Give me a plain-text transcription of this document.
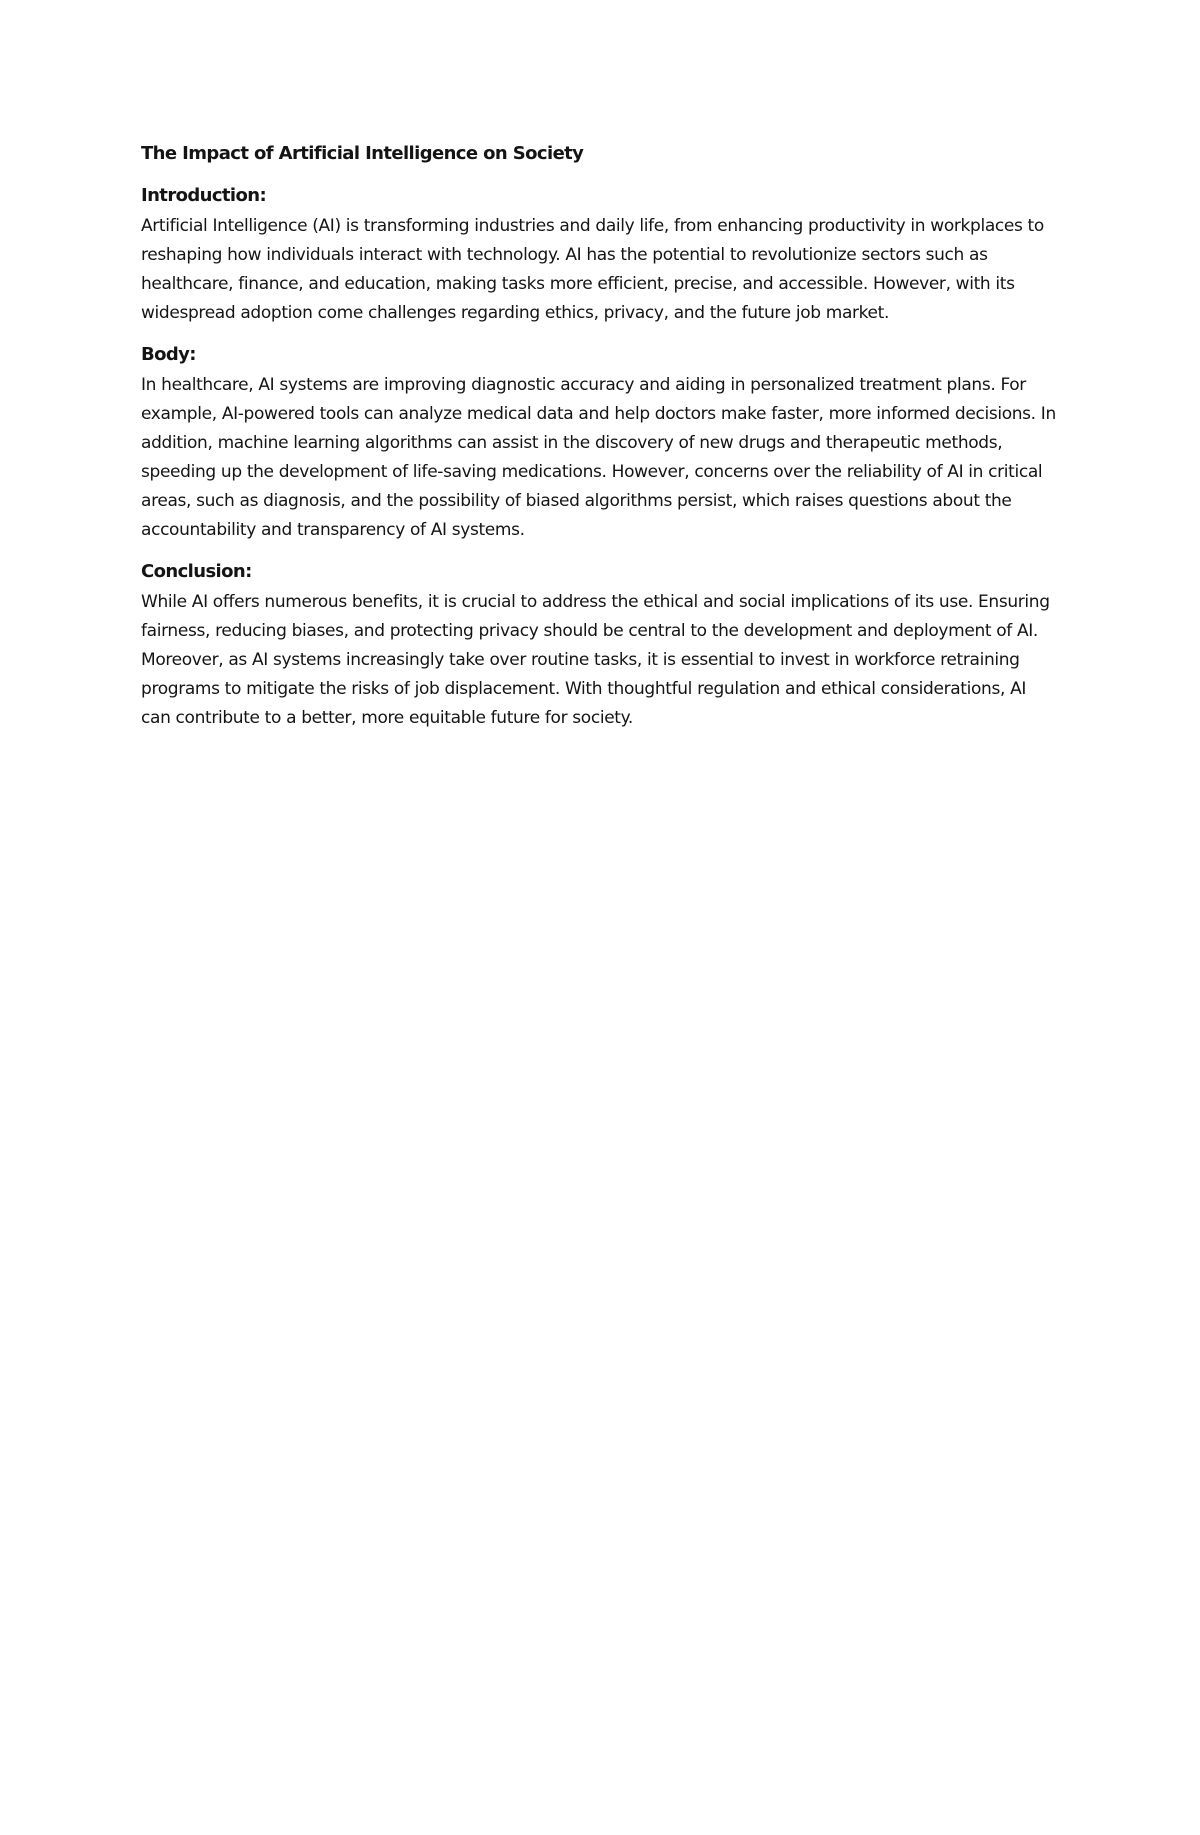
The Impact of Artificial Intelligence on Society
Introduction:
Artificial Intelligence (AI) is transforming industries and daily life, from enhancing productivity in workplaces to reshaping how individuals interact with technology. AI has the potential to revolutionize sectors such as healthcare, finance, and education, making tasks more efficient, precise, and accessible. However, with its widespread adoption come challenges regarding ethics, privacy, and the future job market.
Body:
In healthcare, AI systems are improving diagnostic accuracy and aiding in personalized treatment plans. For example, AI-powered tools can analyze medical data and help doctors make faster, more informed decisions. In addition, machine learning algorithms can assist in the discovery of new drugs and therapeutic methods, speeding up the development of life-saving medications. However, concerns over the reliability of AI in critical areas, such as diagnosis, and the possibility of biased algorithms persist, which raises questions about the accountability and transparency of AI systems.
Conclusion:
While AI offers numerous benefits, it is crucial to address the ethical and social implications of its use. Ensuring fairness, reducing biases, and protecting privacy should be central to the development and deployment of AI. Moreover, as AI systems increasingly take over routine tasks, it is essential to invest in workforce retraining programs to mitigate the risks of job displacement. With thoughtful regulation and ethical considerations, AI can contribute to a better, more equitable future for society.
